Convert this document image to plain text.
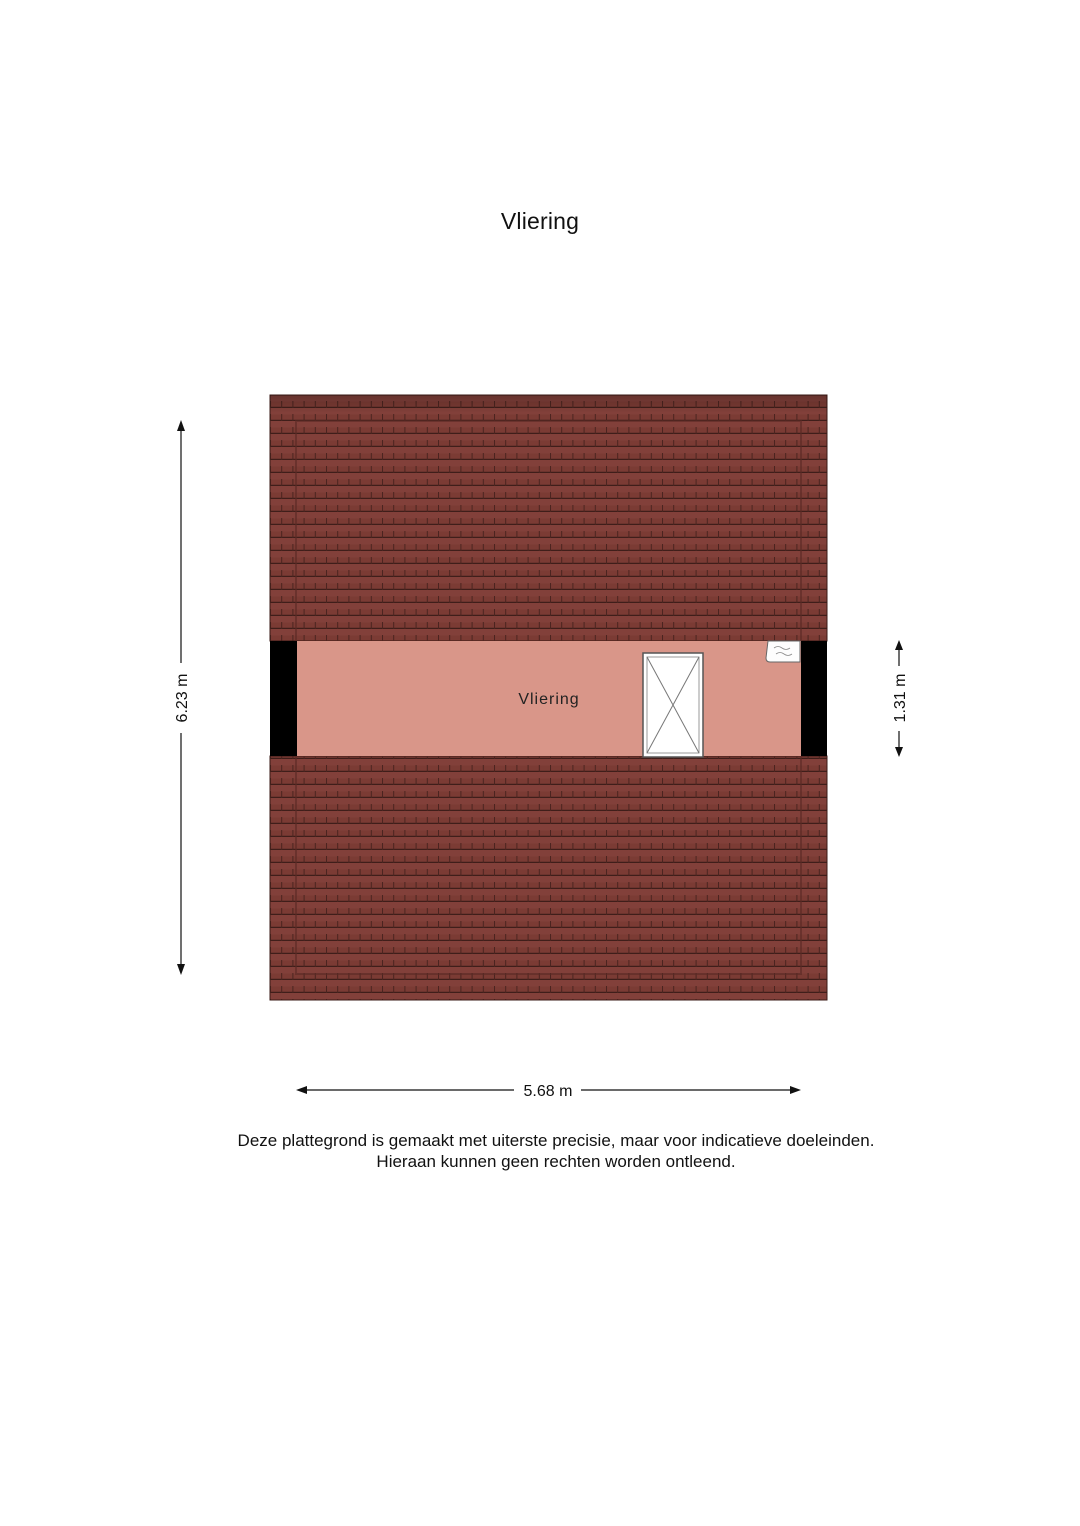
Vliering
Vliering
6.23 m	1.31 m
5.68 m
Deze plattegrond is gemaakt met uiterste precisie, maar voor indicatieve doeleinden.
Hieraan kunnen geen rechten worden ontleend.
